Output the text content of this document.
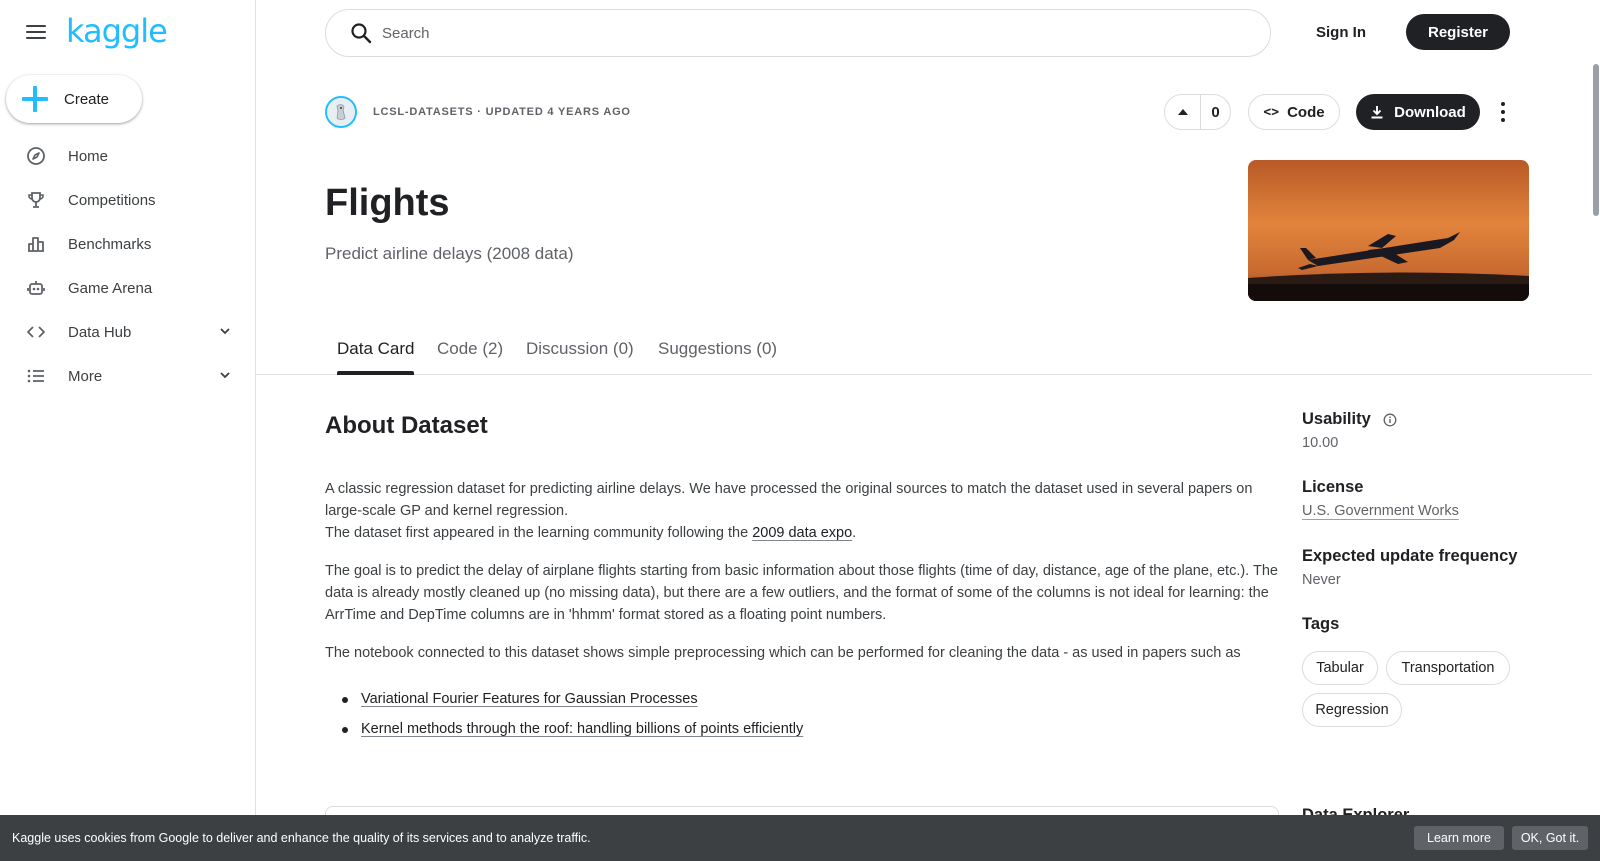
kaggle
Create
Home
Competitions
Benchmarks
Game Arena
Data Hub
More
Search
Sign In	Register
LCSL-DATASETS · UPDATED 4 YEARS AGO	0	<> Code	Download
Flights
Predict airline delays (2008 data)
Data Card Code (2) Discussion (0) Suggestions (0)
About Dataset
A classic regression dataset for predicting airline delays. We have processed the original sources to match the dataset used in several papers on large-scale GP and kernel regression.
The dataset first appeared in the learning community following the 2009 data expo.
The goal is to predict the delay of airplane flights starting from basic information about those flights (time of day, distance, age of the plane, etc.). The data is already mostly cleaned up (no missing data), but there are a few outliers, and the format of some of the columns is not ideal for learning: the ArrTime and DepTime columns are in 'hhmm' format stored as a floating point numbers.
The notebook connected to this dataset shows simple preprocessing which can be performed for cleaning the data - as used in papers such as
Variational Fourier Features for Gaussian Processes
Kernel methods through the roof: handling billions of points efficiently
Usability
10.00
License
U.S. Government Works
Expected update frequency
Never
Tags
Tabular	Transportation
Regression
Kaggle uses cookies from Google to deliver and enhance the quality of its services and to analyze traffic.	Learn more	OK, Got it.
